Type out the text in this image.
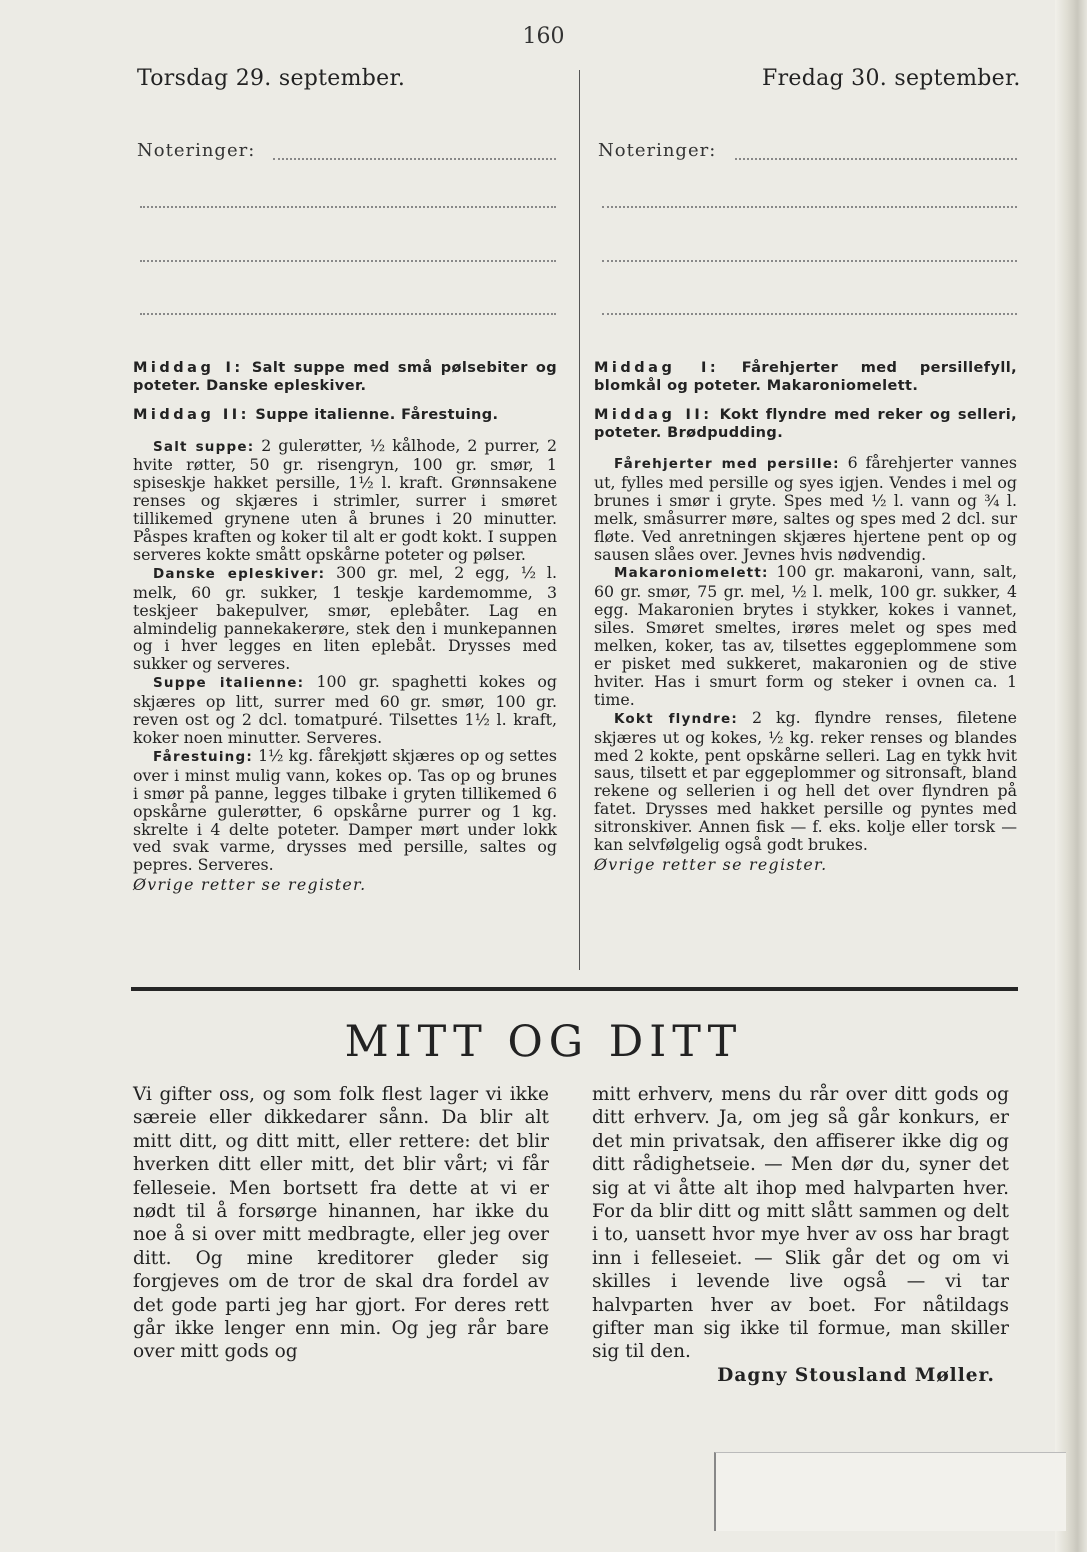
160
Torsdag 29. september.	Fredag 30. september.
Noteringer:	Noteringer:

Middag I: Salt suppe med små pølsebiter og poteter. Danske epleskiver.

Middag II: Suppe italienne. Fårestuing.

Salt suppe: 2 gulerøtter, ½ kålhode, 2 purrer, 2 hvite røtter, 50 gr. risengryn, 100 gr. smør, 1 spiseskje hakket persille, 1½ l. kraft. Grønnsakene renses og skjæres i strimler, surrer i smøret tillikemed grynene uten å brunes i 20 minutter. Påspes kraften og koker til alt er godt kokt. I suppen serveres kokte smått opskårne poteter og pølser.

Danske epleskiver: 300 gr. mel, 2 egg, ½ l. melk, 60 gr. sukker, 1 teskje kardemomme, 3 teskjeer bakepulver, smør, eplebåter. Lag en almindelig pannekakerøre, stek den i munkepannen og i hver legges en liten eplebåt. Drysses med sukker og serveres.

Suppe italienne: 100 gr. spaghetti kokes og skjæres op litt, surrer med 60 gr. smør, 100 gr. reven ost og 2 dcl. tomatpuré. Tilsettes 1½ l. kraft, koker noen minutter. Serveres.

Fårestuing: 1½ kg. fårekjøtt skjæres op og settes over i minst mulig vann, kokes op. Tas op og brunes i smør på panne, legges tilbake i gryten tillikemed 6 opskårne gulerøtter, 6 opskårne purrer og 1 kg. skrelte i 4 delte poteter. Damper mørt under lokk ved svak varme, drysses med persille, saltes og pepres. Serveres.

Øvrige retter se register.

Middag I: Fårehjerter med persillefyll, blomkål og poteter. Makaroniomelett.

Middag II: Kokt flyndre med reker og selleri, poteter. Brødpudding.

Fårehjerter med persille: 6 fårehjerter vannes ut, fylles med persille og syes igjen. Vendes i mel og brunes i smør i gryte. Spes med ½ l. vann og ¾ l. melk, småsurrer møre, saltes og spes med 2 dcl. sur fløte. Ved anretningen skjæres hjertene pent op og sausen slåes over. Jevnes hvis nødvendig.

Makaroniomelett: 100 gr. makaroni, vann, salt, 60 gr. smør, 75 gr. mel, ½ l. melk, 100 gr. sukker, 4 egg. Makaronien brytes i stykker, kokes i vannet, siles. Smøret smeltes, irøres melet og spes med melken, koker, tas av, tilsettes eggeplommene som er pisket med sukkeret, makaronien og de stive hviter. Has i smurt form og steker i ovnen ca. 1 time.

Kokt flyndre: 2 kg. flyndre renses, filetene skjæres ut og kokes, ½ kg. reker renses og blandes med 2 kokte, pent opskårne selleri. Lag en tykk hvit saus, tilsett et par eggeplommer og sitronsaft, bland rekene og sellerien i og hell det over flyndren på fatet. Drysses med hakket persille og pyntes med sitronskiver. Annen fisk — f. eks. kolje eller torsk — kan selvfølgelig også godt brukes.

Øvrige retter se register.

MITT OG DITT

Vi gifter oss, og som folk flest lager vi ikke særeie eller dikkedarer sånn. Da blir alt mitt ditt, og ditt mitt, eller rettere: det blir hverken ditt eller mitt, det blir vårt; vi får felleseie. Men bortsett fra dette at vi er nødt til å forsørge hinannen, har ikke du noe å si over mitt medbragte, eller jeg over ditt. Og mine kreditorer gleder sig forgjeves om de tror de skal dra fordel av det gode parti jeg har gjort. For deres rett går ikke lenger enn min. Og jeg rår bare over mitt gods og

mitt erhverv, mens du rår over ditt gods og ditt erhverv. Ja, om jeg så går konkurs, er det min privatsak, den affiserer ikke dig og ditt rådighetseie. — Men dør du, syner det sig at vi åtte alt ihop med halvparten hver. For da blir ditt og mitt slått sammen og delt i to, uansett hvor mye hver av oss har bragt inn i felleseiet. — Slik går det og om vi skilles i levende live også — vi tar halvparten hver av boet. For nåtildags gifter man sig ikke til formue, man skiller sig til den.

Dagny Stousland Møller.
